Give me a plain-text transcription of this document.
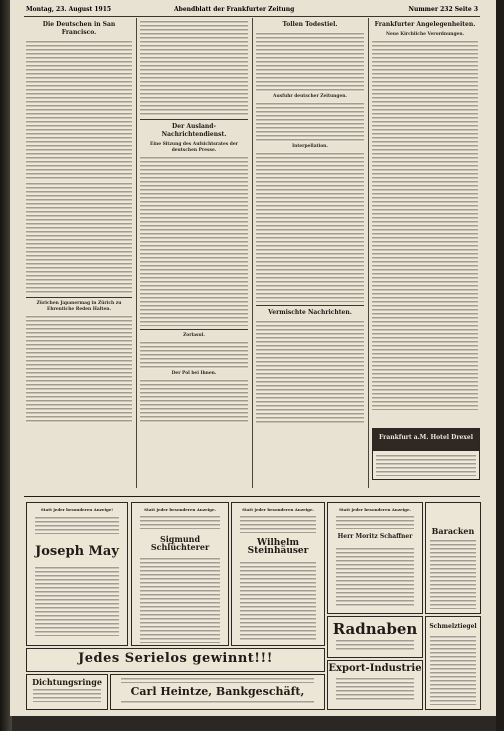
Montag, 23. August 1915	Abendblatt der Frankfurter Zeitung	Nummer 232 Seite 3
Die Deutschen in San Francisco.
Zürichen Japanermag in Zürich zu Ehrentiche Reden Halten.
Der Ausland-Nachrichtendienst.
Eine Sitzung des Aufsichtsrates der deutschen Presse.
Zorlasul.
Der Pol bei Ihnen.
Tollen Todestiel.
Ausfuhr deutscher Zeitungen.
Interpellation.
Vermischte Nachrichten.
Frankfurter Angelegenheiten.
Neue Kirchliche Verordnungen.
Frankfurt a.M. Hotel Drexel
Statt jeder besonderen Anzeige!
Joseph May
Statt jeder besonderen Anzeige.
Sigmund Schlüchterer
Statt jeder besonderen Anzeige.
Wilhelm Steinhäuser
Statt jeder besonderen Anzeige.
Herr Moritz Schaffner
Baracken
Radnaben
Export-Industrie
Schmelztiegel
Jedes Serielos gewinnt!!!
Dichtungsringe
Carl Heintze, Bankgeschäft,
